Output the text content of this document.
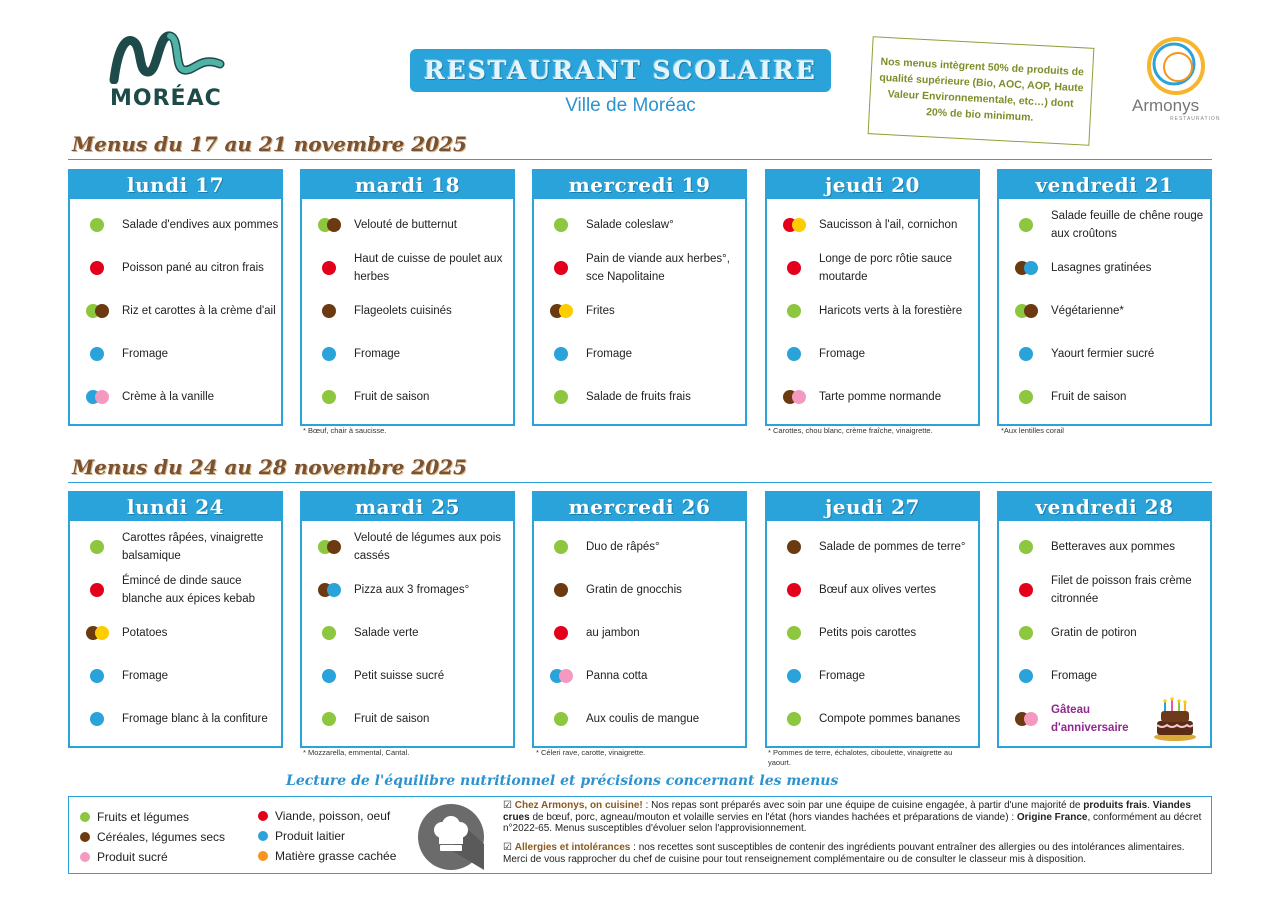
MORÉAC
RESTAURANT SCOLAIRE
Ville de Moréac
Nos menus intègrent 50% de produits de qualité supérieure (Bio, AOC, AOP, Haute Valeur Environnementale, etc…) dont 20% de bio minimum.	Armonys
RESTAURATION
Menus du 17 au 21 novembre 2025
lundi 17
Salade d'endives aux pommes
Poisson pané au citron frais
Riz et carottes à la crème d'ail
Fromage
Crème à la vanille
mardi 18
Velouté de butternut
Haut de cuisse de poulet aux herbes
Flageolets cuisinés
Fromage
Fruit de saison
* Bœuf, chair à saucisse.
mercredi 19
Salade coleslaw°
Pain de viande aux herbes°, sce Napolitaine
Frites
Fromage
Salade de fruits frais
jeudi 20
Saucisson à l'ail, cornichon
Longe de porc rôtie sauce moutarde
Haricots verts à la forestière
Fromage
Tarte pomme normande
* Carottes, chou blanc, crème fraîche, vinaigrette.
vendredi 21
Salade feuille de chêne rouge aux croûtons
Lasagnes gratinées
Végétarienne*
Yaourt fermier sucré
Fruit de saison
*Aux lentilles corail
Menus du 24 au 28 novembre 2025
lundi 24
Carottes râpées, vinaigrette balsamique
Émincé de dinde sauce blanche aux épices kebab
Potatoes
Fromage
Fromage blanc à la confiture
mardi 25
Velouté de légumes aux pois cassés
Pizza aux 3 fromages°
Salade verte
Petit suisse sucré
Fruit de saison
* Mozzarella, emmental, Cantal.
mercredi 26
Duo de râpés°
Gratin de gnocchis
au jambon
Panna cotta
Aux coulis de mangue
* Céleri rave, carotte, vinaigrette.
jeudi 27
Salade de pommes de terre°
Bœuf aux olives vertes
Petits pois carottes
Fromage
Compote pommes bananes
* Pommes de terre, échalotes, ciboulette, vinaigrette au yaourt.
vendredi 28
Betteraves aux pommes
Filet de poisson frais crème citronnée
Gratin de potiron
Fromage
Gâteau d'anniversaire
Lecture de l'équilibre nutritionnel et précisions concernant les menus
Fruits et légumes
Céréales, légumes secs
Produit sucré
Viande, poisson, oeuf
Produit laitier
Matière grasse cachée
☑ Chez Armonys, on cuisine! : Nos repas sont préparés avec soin par une équipe de cuisine engagée, à partir d'une majorité de produits frais. Viandes crues de bœuf, porc, agneau/mouton et volaille servies en l'état (hors viandes hachées et préparations de viande) : Origine France, conformément au décret n°2022-65. Menus susceptibles d'évoluer selon l'approvisionnement.
☑ Allergies et intolérances : nos recettes sont susceptibles de contenir des ingrédients pouvant entraîner des allergies ou des intolérances alimentaires. Merci de vous rapprocher du chef de cuisine pour tout renseignement complémentaire ou de consulter le classeur mis à disposition.
